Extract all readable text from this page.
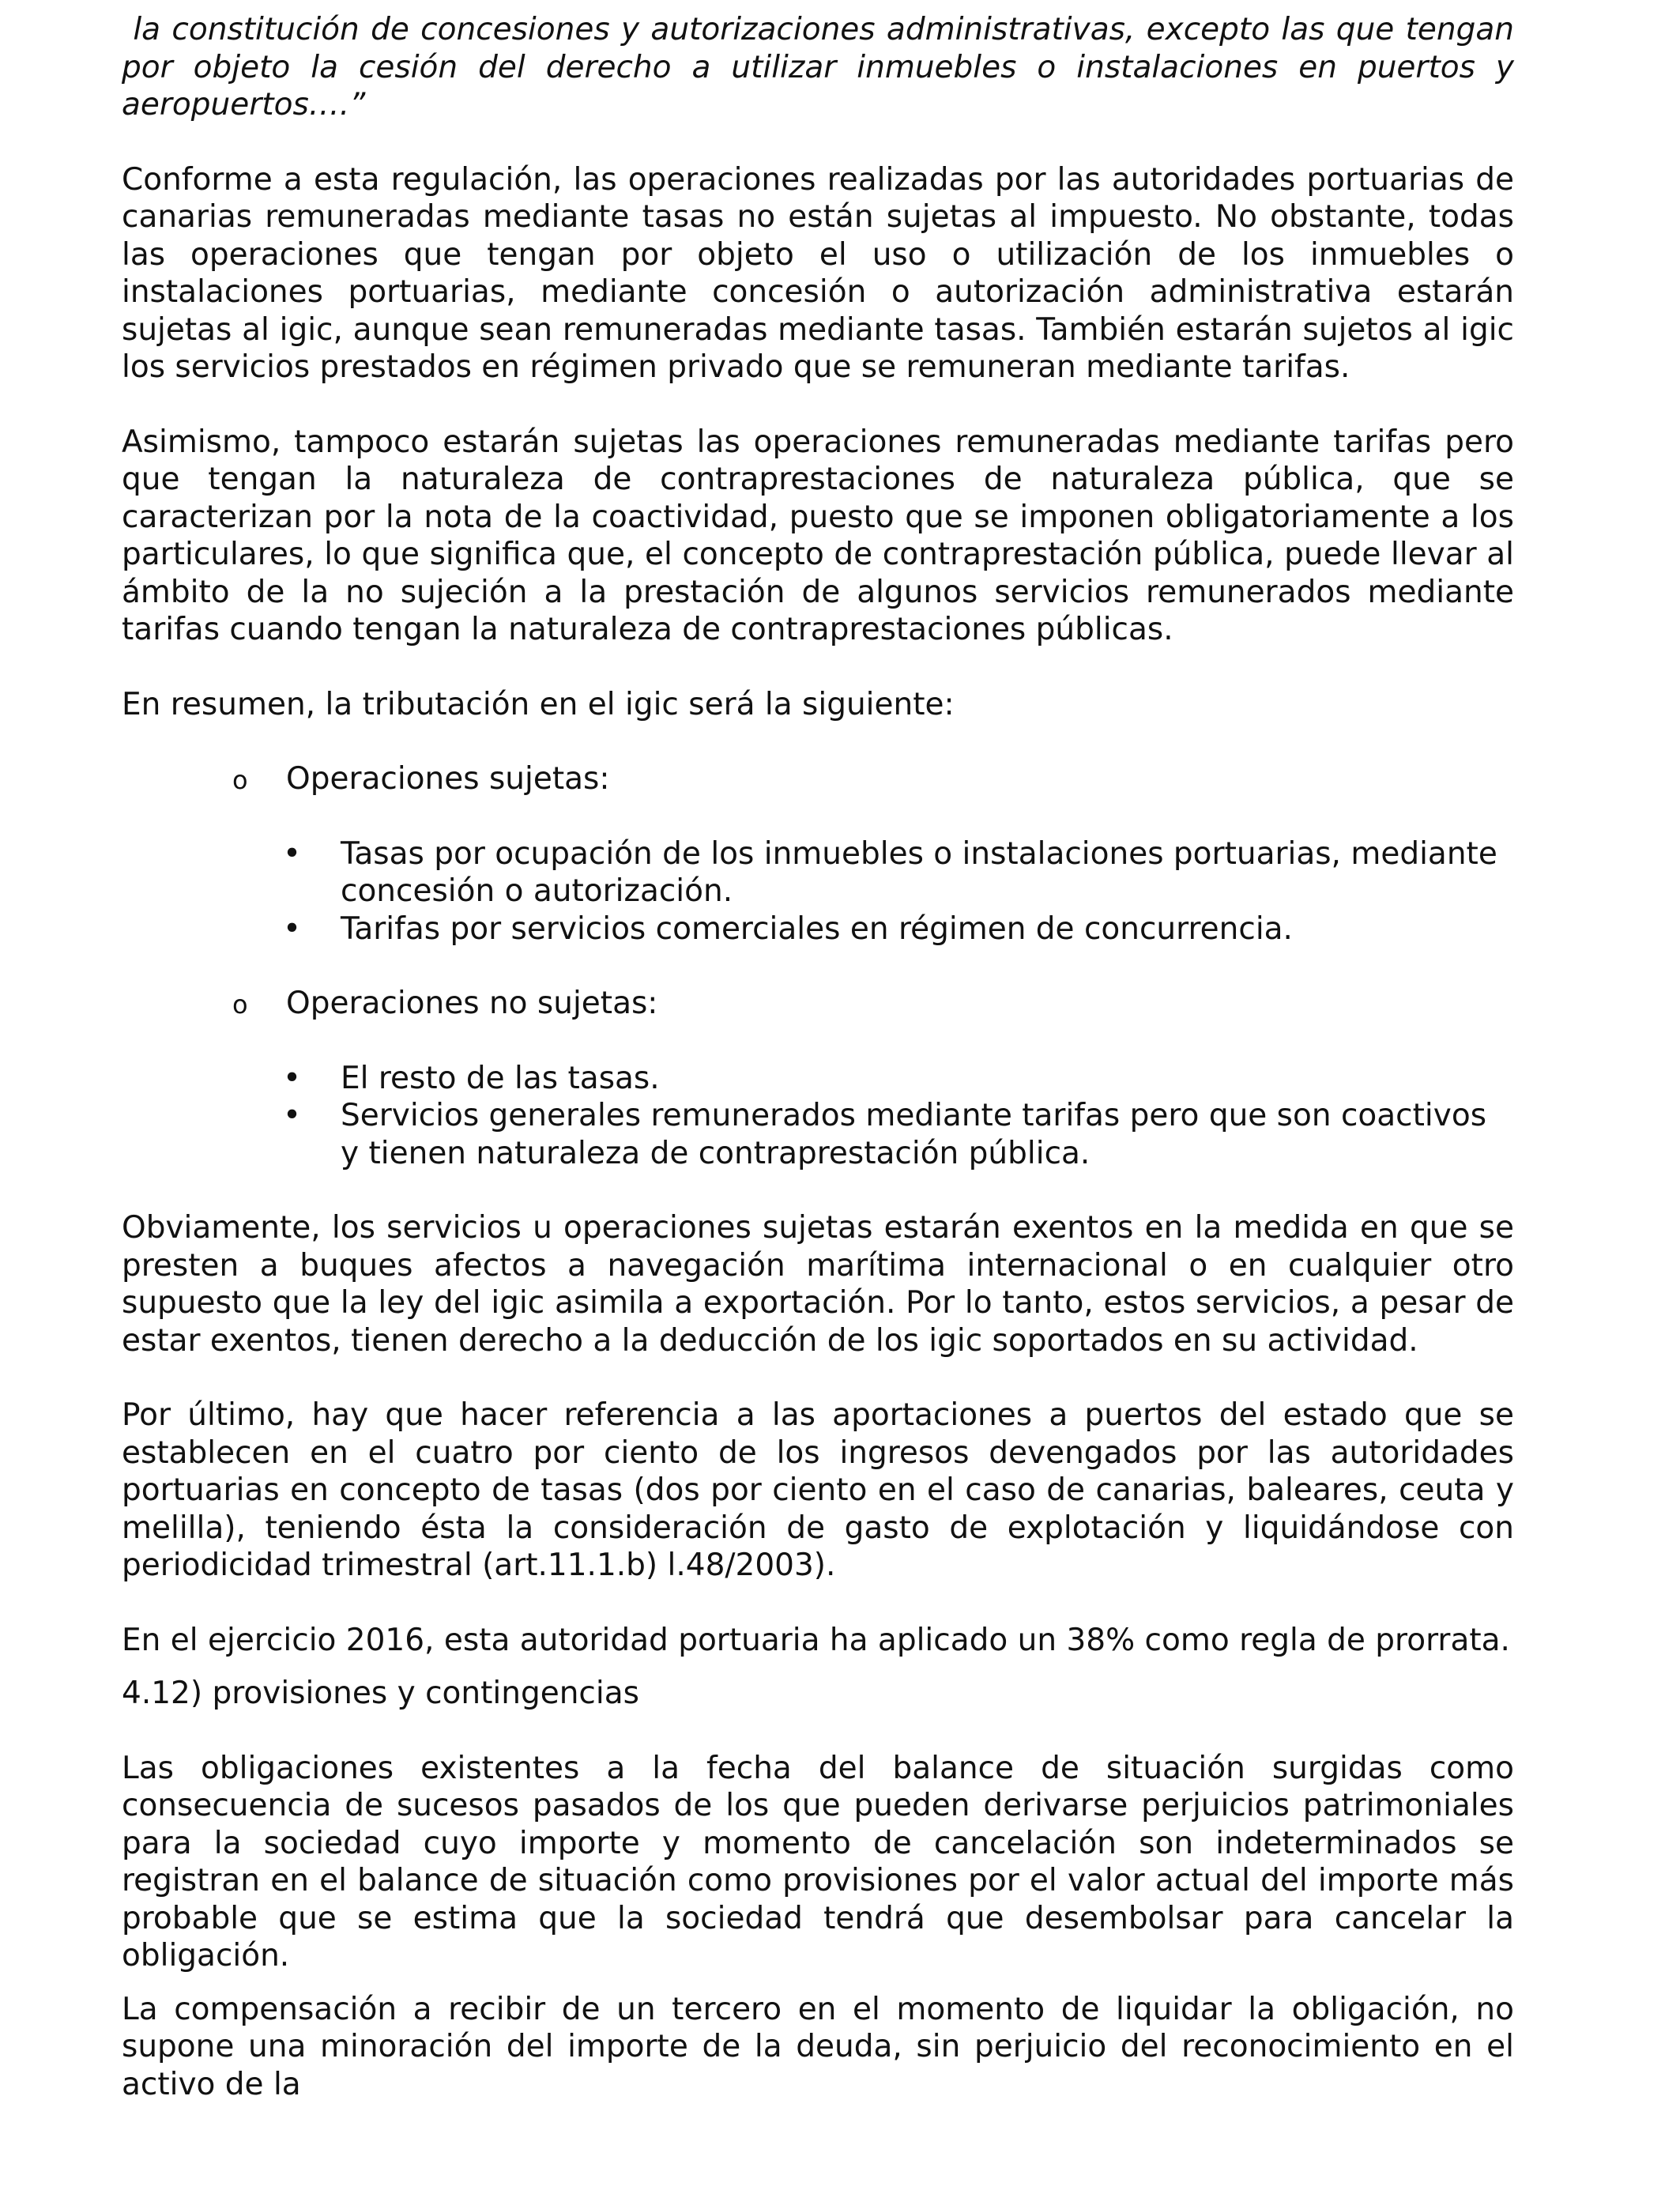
la constitución de concesiones y autorizaciones administrativas, excepto las que tengan por objeto la cesión del derecho a utilizar inmuebles o instalaciones en puertos y aeropuertos….”

Conforme a esta regulación, las operaciones realizadas por las autoridades portuarias de canarias remuneradas mediante tasas no están sujetas al impuesto. No obstante, todas las operaciones que tengan por objeto el uso o utilización de los inmuebles o instalaciones portuarias, mediante concesión o autorización administrativa estarán sujetas al igic, aunque sean remuneradas mediante tasas. También estarán sujetos al igic los servicios prestados en régimen privado que se remuneran mediante tarifas.

Asimismo, tampoco estarán sujetas las operaciones remuneradas mediante tarifas pero que tengan la naturaleza de contraprestaciones de naturaleza pública, que se caracterizan por la nota de la coactividad, puesto que se imponen obligatoriamente a los particulares, lo que significa que, el concepto de contraprestación pública, puede llevar al ámbito de la no sujeción a la prestación de algunos servicios remunerados mediante tarifas cuando tengan la naturaleza de contraprestaciones públicas.

En resumen, la tributación en el igic será la siguiente:

o Operaciones sujetas:
• Tasas por ocupación de los inmuebles o instalaciones portuarias, mediante concesión o autorización.
• Tarifas por servicios comerciales en régimen de concurrencia.
o Operaciones no sujetas:
• El resto de las tasas.
• Servicios generales remunerados mediante tarifas pero que son coactivos y tienen naturaleza de contraprestación pública.

Obviamente, los servicios u operaciones sujetas estarán exentos en la medida en que se presten a buques afectos a navegación marítima internacional o en cualquier otro supuesto que la ley del igic asimila a exportación. Por lo tanto, estos servicios, a pesar de estar exentos, tienen derecho a la deducción de los igic soportados en su actividad.

Por último, hay que hacer referencia a las aportaciones a puertos del estado que se establecen en el cuatro por ciento de los ingresos devengados por las autoridades portuarias en concepto de tasas (dos por ciento en el caso de canarias, baleares, ceuta y melilla), teniendo ésta la consideración de gasto de explotación y liquidándose con periodicidad trimestral (art.11.1.b) l.48/2003).

En el ejercicio 2016, esta autoridad portuaria ha aplicado un 38% como regla de prorrata.

4.12) provisiones y contingencias

Las obligaciones existentes a la fecha del balance de situación surgidas como consecuencia de sucesos pasados de los que pueden derivarse perjuicios patrimoniales para la sociedad cuyo importe y momento de cancelación son indeterminados se registran en el balance de situación como provisiones por el valor actual del importe más probable que se estima que la sociedad tendrá que desembolsar para cancelar la obligación.

La compensación a recibir de un tercero en el momento de liquidar la obligación, no supone una minoración del importe de la deuda, sin perjuicio del reconocimiento en el activo de la
